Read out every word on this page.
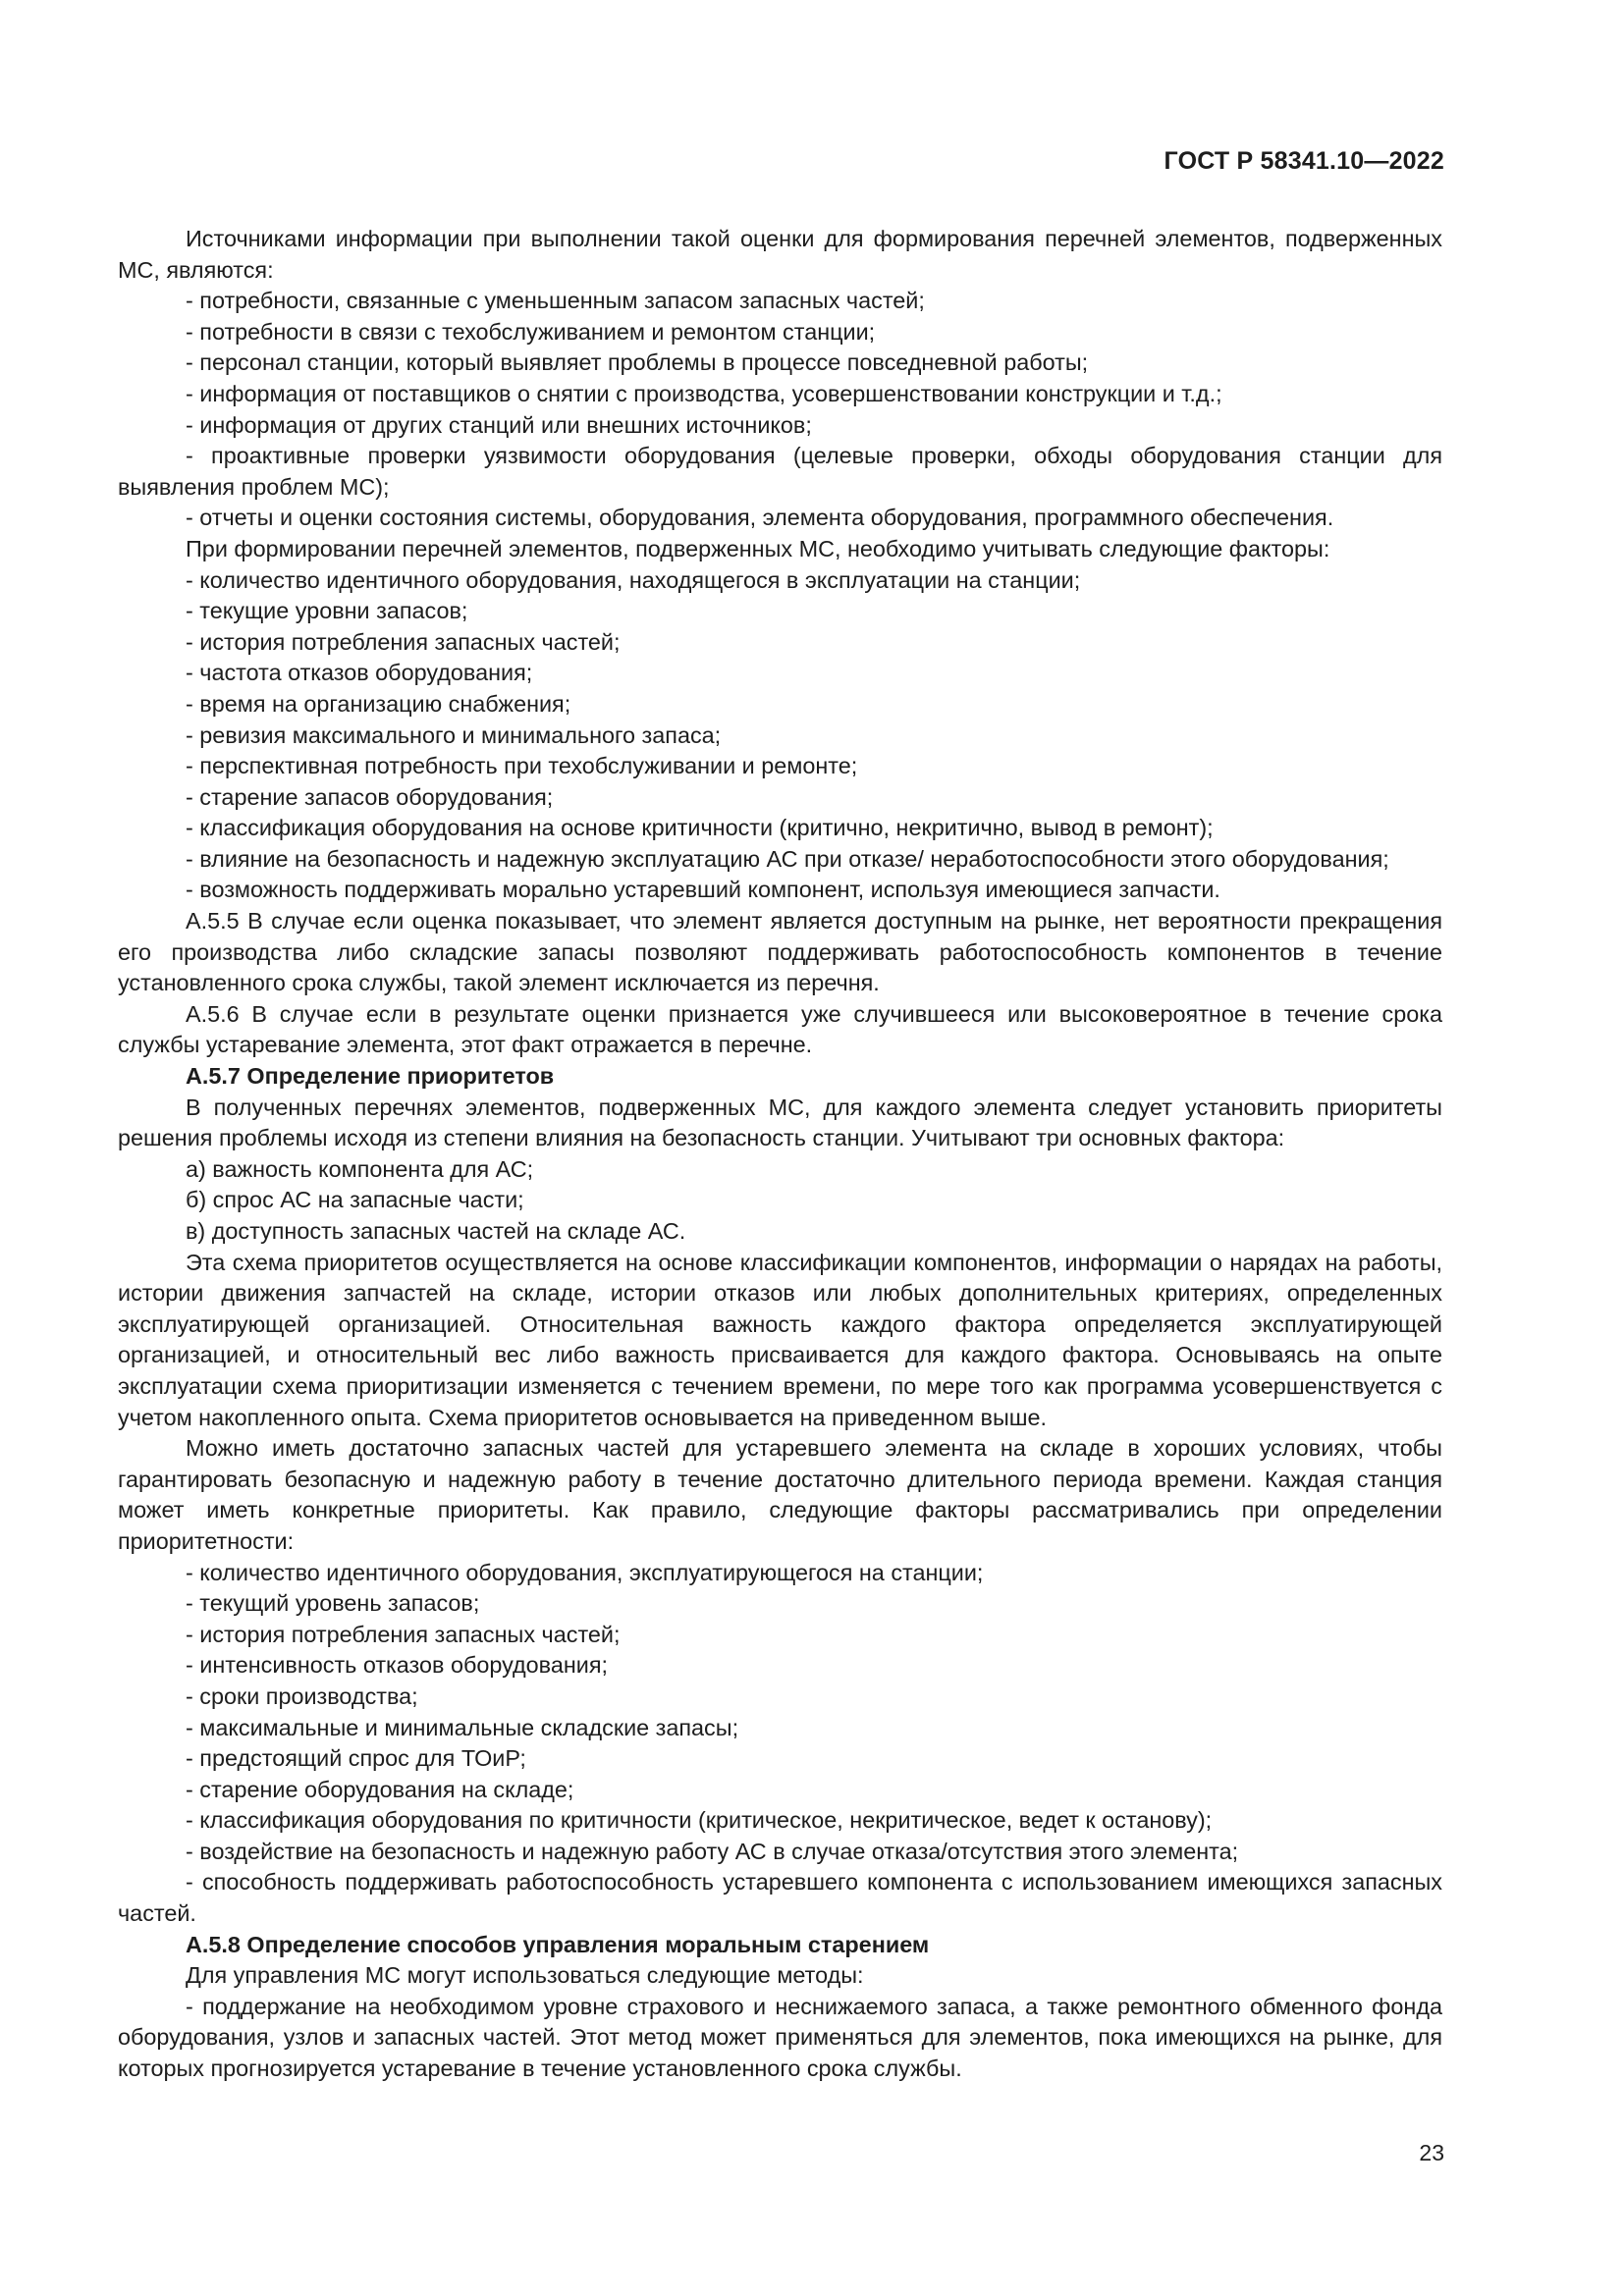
ГОСТ Р 58341.10—2022

Источниками информации при выполнении такой оценки для формирования перечней элементов, подверженных МС, являются:

- потребности, связанные с уменьшенным запасом запасных частей;

- потребности в связи с техобслуживанием и ремонтом станции;

- персонал станции, который выявляет проблемы в процессе повседневной работы;

- информация от поставщиков о снятии с производства, усовершенствовании конструкции и т.д.;

- информация от других станций или внешних источников;

- проактивные проверки уязвимости оборудования (целевые проверки, обходы оборудования станции для выявления проблем МС);

- отчеты и оценки состояния системы, оборудования, элемента оборудования, программного обеспечения.

При формировании перечней элементов, подверженных МС, необходимо учитывать следующие факторы:

- количество идентичного оборудования, находящегося в эксплуатации на станции;

- текущие уровни запасов;

- история потребления запасных частей;

- частота отказов оборудования;

- время на организацию снабжения;

- ревизия максимального и минимального запаса;

- перспективная потребность при техобслуживании и ремонте;

- старение запасов оборудования;

- классификация оборудования на основе критичности (критично, некритично, вывод в ремонт);

- влияние на безопасность и надежную эксплуатацию АС при отказе/ неработоспособности этого оборудования;

- возможность поддерживать морально устаревший компонент, используя имеющиеся запчасти.

А.5.5 В случае если оценка показывает, что элемент является доступным на рынке, нет вероятности прекращения его производства либо складские запасы позволяют поддерживать работоспособность компонентов в течение установленного срока службы, такой элемент исключается из перечня.

А.5.6 В случае если в результате оценки признается уже случившееся или высоковероятное в течение срока службы устаревание элемента, этот факт отражается в перечне.

А.5.7 Определение приоритетов

В полученных перечнях элементов, подверженных МС, для каждого элемента следует установить приоритеты решения проблемы исходя из степени влияния на безопасность станции. Учитывают три основных фактора:

а) важность компонента для АС;

б) спрос АС на запасные части;

в) доступность запасных частей на складе АС.

Эта схема приоритетов осуществляется на основе классификации компонентов, информации о нарядах на работы, истории движения запчастей на складе, истории отказов или любых дополнительных критериях, определенных эксплуатирующей организацией. Относительная важность каждого фактора определяется эксплуатирующей организацией, и относительный вес либо важность присваивается для каждого фактора. Основываясь на опыте эксплуатации схема приоритизации изменяется с течением времени, по мере того как программа усовершенствуется с учетом накопленного опыта. Схема приоритетов основывается на приведенном выше.

Можно иметь достаточно запасных частей для устаревшего элемента на складе в хороших условиях, чтобы гарантировать безопасную и надежную работу в течение достаточно длительного периода времени. Каждая станция может иметь конкретные приоритеты. Как правило, следующие факторы рассматривались при определении приоритетности:

- количество идентичного оборудования, эксплуатирующегося на станции;

- текущий уровень запасов;

- история потребления запасных частей;

- интенсивность отказов оборудования;

- сроки производства;

- максимальные и минимальные складские запасы;

- предстоящий спрос для ТОиР;

- старение оборудования на складе;

- классификация оборудования по критичности (критическое, некритическое, ведет к останову);

- воздействие на безопасность и надежную работу АС в случае отказа/отсутствия этого элемента;

- способность поддерживать работоспособность устаревшего компонента с использованием имеющихся запасных частей.

А.5.8 Определение способов управления моральным старением

Для управления МС могут использоваться следующие методы:

- поддержание на необходимом уровне страхового и неснижаемого запаса, а также ремонтного обменного фонда оборудования, узлов и запасных частей. Этот метод может применяться для элементов, пока имеющихся на рынке, для которых прогнозируется устаревание в течение установленного срока службы.

23
